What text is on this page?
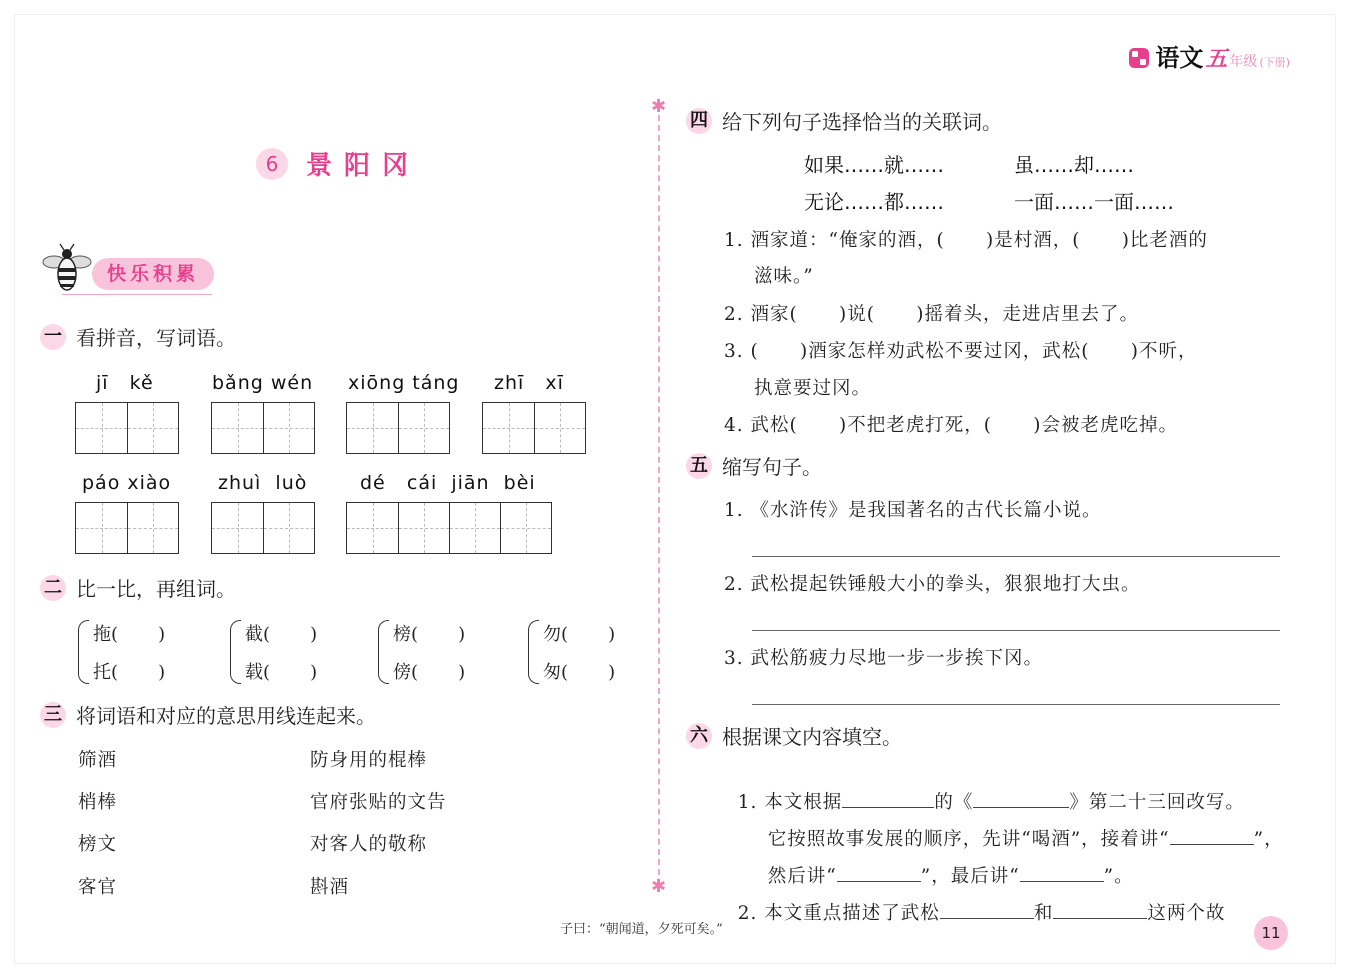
语文 五 年级 (下册)
✱
✱
6	景阳冈
快乐积累
一 看拼音，写词语。
jī   kě	bǎng wén xiōng táng zhī   xī
páo xiào zhuì  luò	dé   cái  jiān  bèi
二 比一比，再组词。
拖(       )
托(       )
截(       )
载(       )
榜(       )
傍(       )
勿(       )
匆(       )
三 将词语和对应的意思用线连起来。
筛酒
梢棒
榜文
客官
防身用的棍棒
官府张贴的文告
对客人的敬称
斟酒
四 给下列句子选择恰当的关联词。
如果……就……	虽……却……
无论……都……	一面……一面……
1. 酒家道：“俺家的酒，(      )是村酒，(      )比老酒的
滋味。”
2. 酒家(      )说(      )摇着头，走进店里去了。
3. (      )酒家怎样劝武松不要过冈，武松(      )不听，
执意要过冈。
4. 武松(      )不把老虎打死，(      )会被老虎吃掉。
五 缩写句子。
1. 《水浒传》是我国著名的古代长篇小说。
2. 武松提起铁锤般大小的拳头，狠狠地打大虫。
3. 武松筋疲力尽地一步一步挨下冈。
六 根据课文内容填空。

1. 本文根据	的《	》第二十三回改写。

它按照故事发展的顺序，先讲“喝酒”，接着讲“	”，

然后讲“	”，最后讲“	”。

2. 本文重点描述了武松	和	这两个故

子曰：“朝闻道，夕死可矣。”	11
